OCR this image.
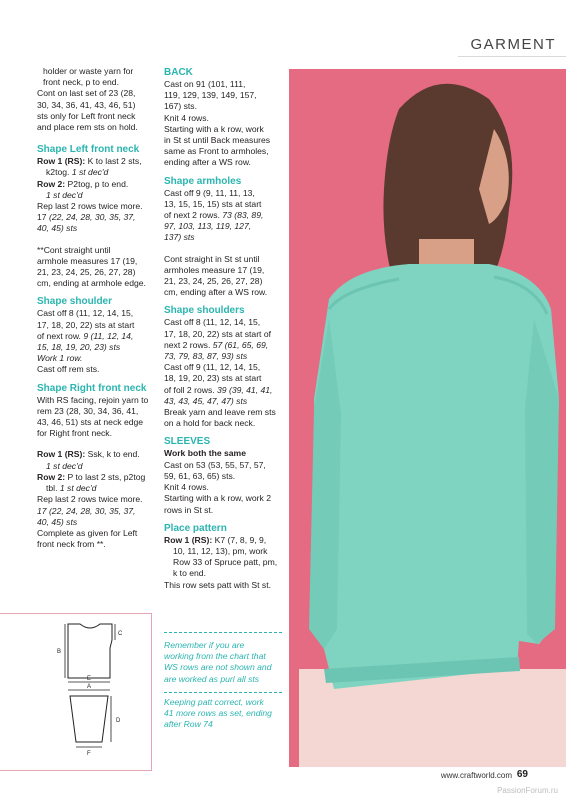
GARMENT

holder or waste yarn for

front neck, p to end.

Cont on last set of 23 (28,

30, 34, 36, 41, 43, 46, 51)

sts only for Left front neck

and place rem sts on hold.

Shape Left front neck

Row 1 (RS): K to last 2 sts,

k2tog. 1 st dec'd

Row 2: P2tog, p to end.

1 st dec'd

Rep last 2 rows twice more.

17 (22, 24, 28, 30, 35, 37,

40, 45) sts

**Cont straight until

armhole measures 17 (19,

21, 23, 24, 25, 26, 27, 28)

cm, ending at armhole edge.

Shape shoulder

Cast off 8 (11, 12, 14, 15,

17, 18, 20, 22) sts at start

of next row. 9 (11, 12, 14,

15, 18, 19, 20, 23) sts

Work 1 row.

Cast off rem sts.

Shape Right front neck

With RS facing, rejoin yarn to

rem 23 (28, 30, 34, 36, 41,

43, 46, 51) sts at neck edge

for Right front neck.

Row 1 (RS): Ssk, k to end.

1 st dec'd

Row 2: P to last 2 sts, p2tog

tbl. 1 st dec'd

Rep last 2 rows twice more.

17 (22, 24, 28, 30, 35, 37,

40, 45) sts

Complete as given for Left

front neck from **.

BACK

Cast on 91 (101, 111,

119, 129, 139, 149, 157,

167) sts.

Knit 4 rows.

Starting with a k row, work

in St st until Back measures

same as Front to armholes,

ending after a WS row.

Shape armholes

Cast off 9 (9, 11, 11, 13,

13, 15, 15, 15) sts at start

of next 2 rows. 73 (83, 89,

97, 103, 113, 119, 127,

137) sts

Cont straight in St st until

armholes measure 17 (19,

21, 23, 24, 25, 26, 27, 28)

cm, ending after a WS row.

Shape shoulders

Cast off 8 (11, 12, 14, 15,

17, 18, 20, 22) sts at start of

next 2 rows. 57 (61, 65, 69,

73, 79, 83, 87, 93) sts

Cast off 9 (11, 12, 14, 15,

18, 19, 20, 23) sts at start

of foll 2 rows. 39 (39, 41, 41,

43, 43, 45, 47, 47) sts

Break yarn and leave rem sts

on a hold for back neck.

SLEEVES

Work both the same

Cast on 53 (53, 55, 57, 57,

59, 61, 63, 65) sts.

Knit 4 rows.

Starting with a k row, work 2

rows in St st.

Place pattern

Row 1 (RS): K7 (7, 8, 9, 9,

10, 11, 12, 13), pm, work

Row 33 of Spruce patt, pm,

k to end.

This row sets patt with St st.

Remember if you are
working from the chart that
WS rows are not shown and
are worked as purl all sts
Keeping patt correct, work
41 more rows as set, ending
after Row 74
B
C
E
A
D
F
www.craftworld.com 69
PassionForum.ru
